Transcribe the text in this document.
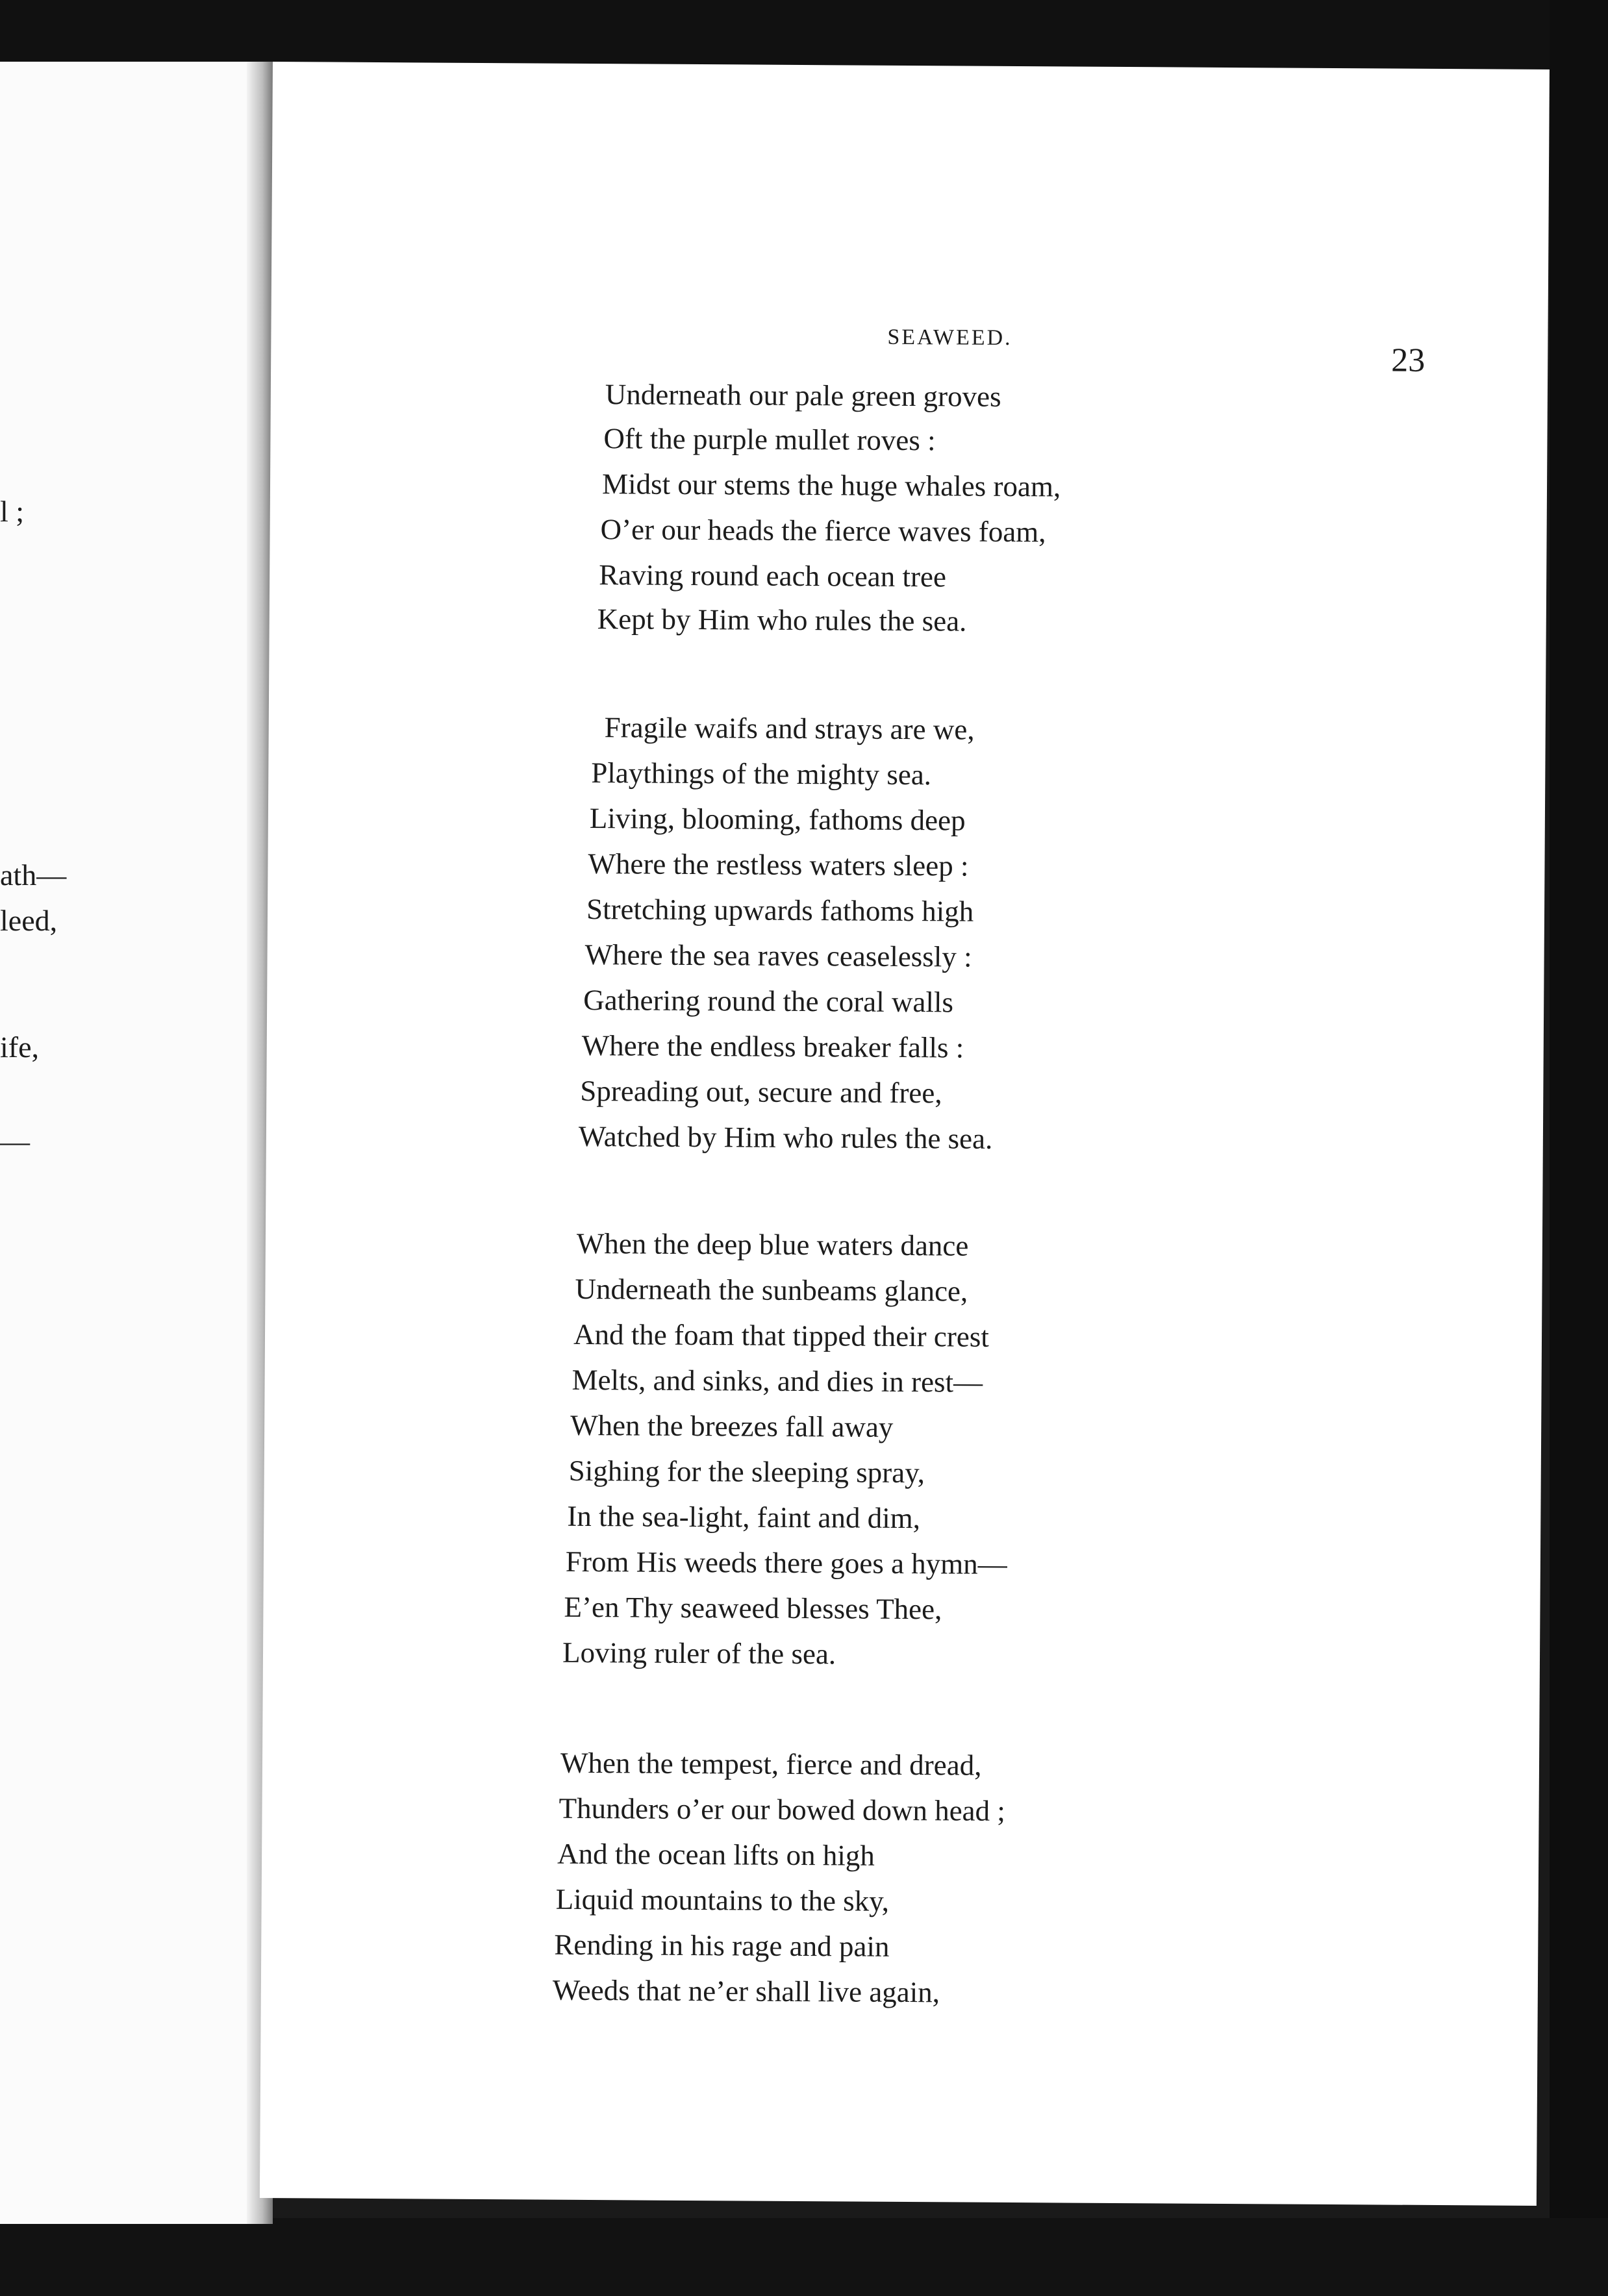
l ;
ath—
leed,
ife,
—
SEAWEED.
23
Underneath our pale green groves
Oft the purple mullet roves :
Midst our stems the huge whales roam,
O’er our heads the fierce waves foam,
Raving round each ocean tree
Kept by Him who rules the sea.
Fragile waifs and strays are we,
Playthings of the mighty sea.
Living, blooming, fathoms deep
Where the restless waters sleep :
Stretching upwards fathoms high
Where the sea raves ceaselessly :
Gathering round the coral walls
Where the endless breaker falls :
Spreading out, secure and free,
Watched by Him who rules the sea.
When the deep blue waters dance
Underneath the sunbeams glance,
And the foam that tipped their crest
Melts, and sinks, and dies in rest—
When the breezes fall away
Sighing for the sleeping spray,
In the sea-light, faint and dim,
From His weeds there goes a hymn—
E’en Thy seaweed blesses Thee,
Loving ruler of the sea.
When the tempest, fierce and dread,
Thunders o’er our bowed down head ;
And the ocean lifts on high
Liquid mountains to the sky,
Rending in his rage and pain
Weeds that ne’er shall live again,
